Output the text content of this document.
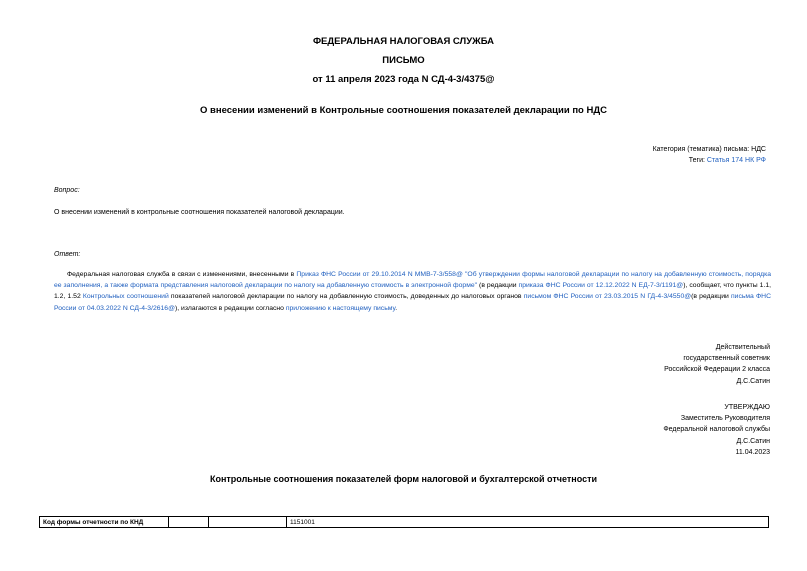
ФЕДЕРАЛЬНАЯ НАЛОГОВАЯ СЛУЖБА
ПИСЬМО
от 11 апреля 2023 года N СД-4-3/4375@
О внесении изменений в Контрольные соотношения показателей декларации по НДС
Категория (тематика) письма: НДС
Теги: Статья 174 НК РФ
Вопрос:
О внесении изменений в контрольные соотношения показателей налоговой декларации.
Ответ:
Федеральная налоговая служба в связи с изменениями, внесенными в Приказ ФНС России от 29.10.2014 N ММВ-7-3/558@ "Об утверждении формы налоговой декларации по налогу на добавленную стоимость, порядка ее заполнения, а также формата представления налоговой декларации по налогу на добавленную стоимость в электронной форме" (в редакции приказа ФНС России от 12.12.2022 N ЕД-7-3/1191@), сообщает, что пункты 1.1, 1.2, 1.52 Контрольных соотношений показателей налоговой декларации по налогу на добавленную стоимость, доведенных до налоговых органов письмом ФНС России от 23.03.2015 N ГД-4-3/4550@(в редакции письма ФНС России от 04.03.2022 N СД-4-3/2616@), излагаются в редакции согласно приложению к настоящему письму.
Действительный
государственный советник
Российской Федерации 2 класса
Д.С.Сатин
УТВЕРЖДАЮ
Заместитель Руководителя
Федеральной налоговой службы
Д.С.Сатин
11.04.2023
Контрольные соотношения показателей форм налоговой и бухгалтерской отчетности
Код формы отчетности по КНД			1151001
